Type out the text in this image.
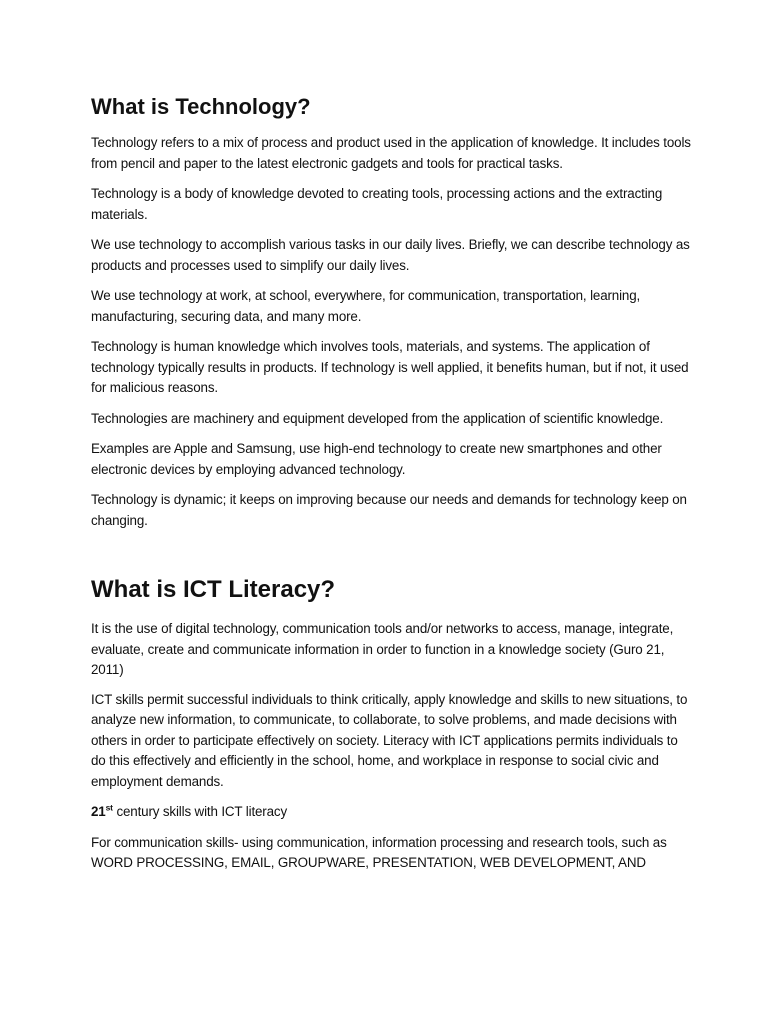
What is Technology?

Technology refers to a mix of process and product used in the application of knowledge. It includes tools from pencil and paper to the latest electronic gadgets and tools for practical tasks.

Technology is a body of knowledge devoted to creating tools, processing actions and the extracting materials.

We use technology to accomplish various tasks in our daily lives. Briefly, we can describe technology as products and processes used to simplify our daily lives.

We use technology at work, at school, everywhere, for communication, transportation, learning, manufacturing, securing data, and many more.

Technology is human knowledge which involves tools, materials, and systems. The application of technology typically results in products. If technology is well applied, it benefits human, but if not, it used for malicious reasons.

Technologies are machinery and equipment developed from the application of scientific knowledge.

Examples are Apple and Samsung, use high-end technology to create new smartphones and other electronic devices by employing advanced technology.

Technology is dynamic; it keeps on improving because our needs and demands for technology keep on changing.

What is ICT Literacy?

It is the use of digital technology, communication tools and/or networks to access, manage, integrate, evaluate, create and communicate information in order to function in a knowledge society (Guro 21, 2011)

ICT skills permit successful individuals to think critically, apply knowledge and skills to new situations, to analyze new information, to communicate, to collaborate, to solve problems, and made decisions with others in order to participate effectively on society. Literacy with ICT applications permits individuals to do this effectively and efficiently in the school, home, and workplace in response to social civic and employment demands.

21st century skills with ICT literacy

For communication skills- using communication, information processing and research tools, such as WORD PROCESSING, EMAIL, GROUPWARE, PRESENTATION, WEB DEVELOPMENT, AND
